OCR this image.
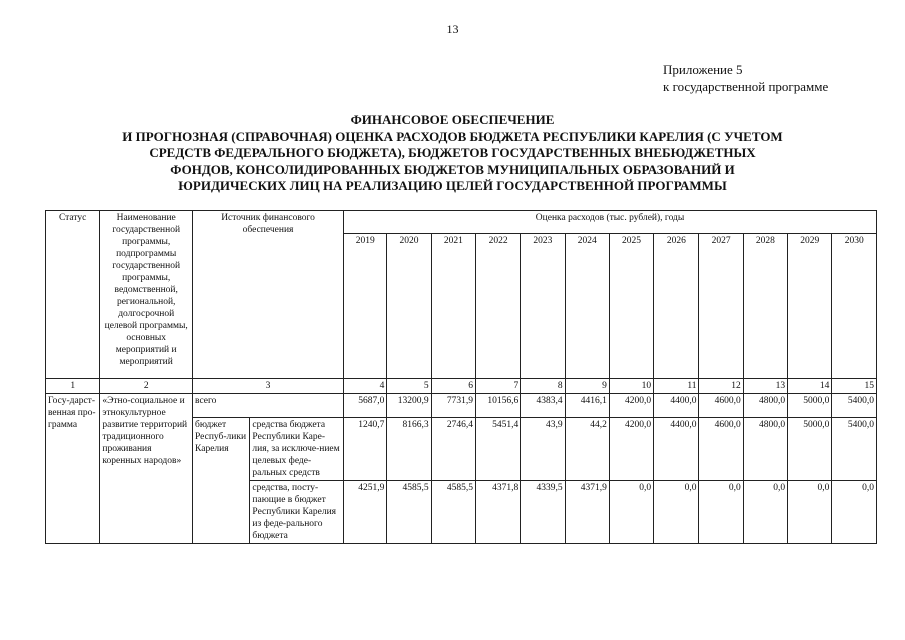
13
Приложение 5
к государственной программе
ФИНАНСОВОЕ ОБЕСПЕЧЕНИЕ
И ПРОГНОЗНАЯ (СПРАВОЧНАЯ) ОЦЕНКА РАСХОДОВ БЮДЖЕТА РЕСПУБЛИКИ КАРЕЛИЯ (С УЧЕТОМ
СРЕДСТВ ФЕДЕРАЛЬНОГО БЮДЖЕТА), БЮДЖЕТОВ ГОСУДАРСТВЕННЫХ ВНЕБЮДЖЕТНЫХ
ФОНДОВ, КОНСОЛИДИРОВАННЫХ БЮДЖЕТОВ МУНИЦИПАЛЬНЫХ ОБРАЗОВАНИЙ И
ЮРИДИЧЕСКИХ ЛИЦ НА РЕАЛИЗАЦИЮ ЦЕЛЕЙ ГОСУДАРСТВЕННОЙ ПРОГРАММЫ
Статус	Наименование государственной программы, подпрограммы государственной программы, ведомственной, региональной, долгосрочной целевой программы, основных мероприятий и мероприятий	Источник финансового обеспечения		Оценка расходов (тыс. рублей), годы											
				2019	2020	2021	2022	2023	2024	2025	2026	2027	2028	2029	2030
1	2	3		4	5	6	7	8	9	10	11	12	13	14	15
Госу-дарст-венная про-грамма	«Этно-социальное и этнокультурное развитие территорий традиционного проживания коренных народов»	всего		5687,0	13200,9	7731,9	10156,6	4383,4	4416,1	4200,0	4400,0	4600,0	4800,0	5000,0	5400,0
		бюджет Респуб-лики Карелия	средства бюджета Республики Каре-лия, за исключе-нием целевых феде-ральных средств	1240,7	8166,3	2746,4	5451,4	43,9	44,2	4200,0	4400,0	4600,0	4800,0	5000,0	5400,0
			средства, посту-пающие в бюджет Республики Карелия из феде-рального бюджета	4251,9	4585,5	4585,5	4371,8	4339,5	4371,9	0,0	0,0	0,0	0,0	0,0	0,0
